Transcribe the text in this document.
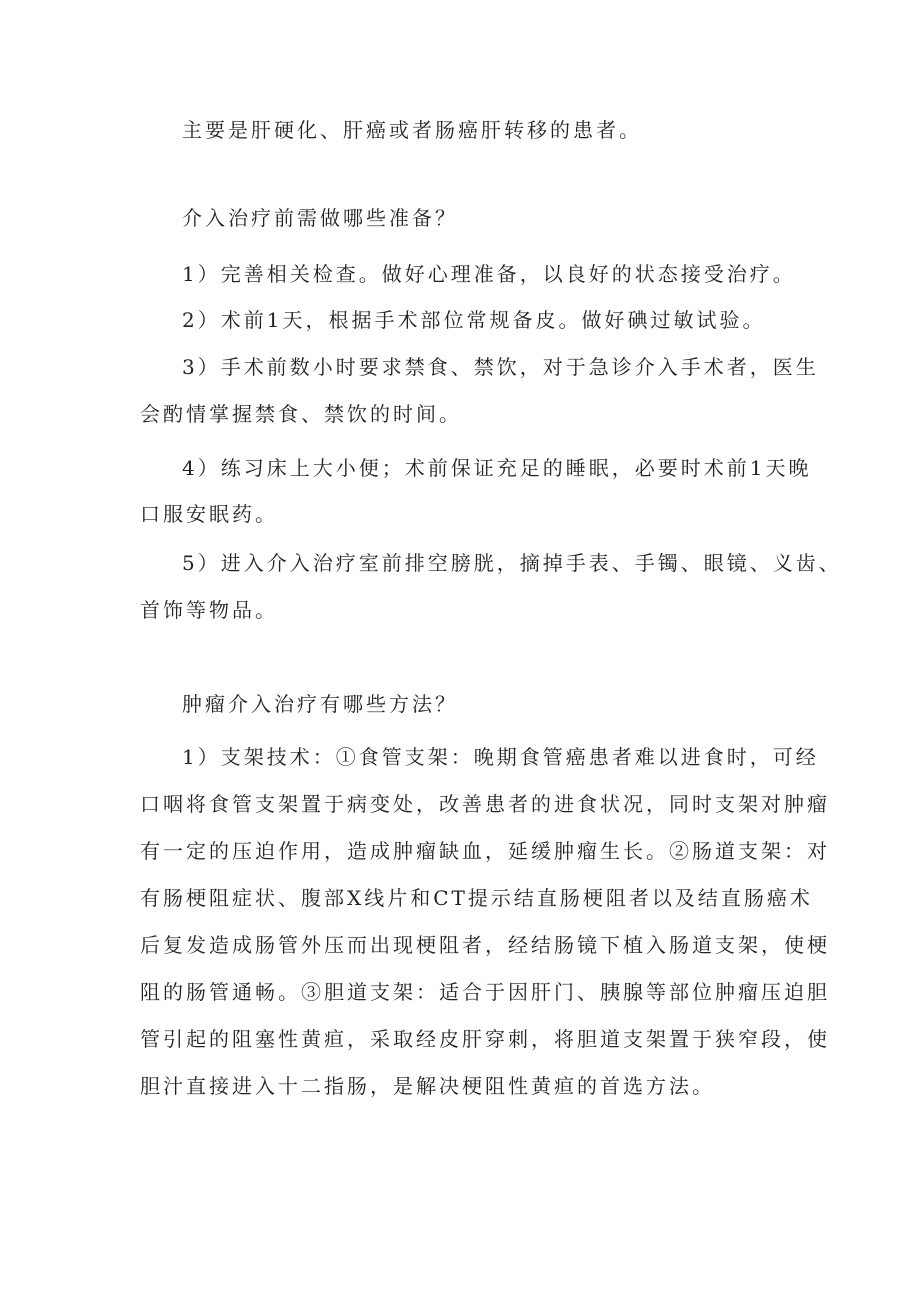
主要是肝硬化、肝癌或者肠癌肝转移的患者。

介入治疗前需做哪些准备？

1）完善相关检查。做好心理准备，以良好的状态接受治疗。

2）术前1天，根据手术部位常规备皮。做好碘过敏试验。

3）手术前数小时要求禁食、禁饮，对于急诊介入手术者，医生

会酌情掌握禁食、禁饮的时间。

4）练习床上大小便；术前保证充足的睡眠，必要时术前1天晚

口服安眠药。

5）进入介入治疗室前排空膀胱，摘掉手表、手镯、眼镜、义齿、

首饰等物品。

肿瘤介入治疗有哪些方法？

1）支架技术：①食管支架：晚期食管癌患者难以进食时，可经

口咽将食管支架置于病变处，改善患者的进食状况，同时支架对肿瘤

有一定的压迫作用，造成肿瘤缺血，延缓肿瘤生长。②肠道支架：对

有肠梗阻症状、腹部X线片和CT提示结直肠梗阻者以及结直肠癌术

后复发造成肠管外压而出现梗阻者，经结肠镜下植入肠道支架，使梗

阻的肠管通畅。③胆道支架：适合于因肝门、胰腺等部位肿瘤压迫胆

管引起的阻塞性黄疸，采取经皮肝穿刺，将胆道支架置于狭窄段，使

胆汁直接进入十二指肠，是解决梗阻性黄疸的首选方法。
